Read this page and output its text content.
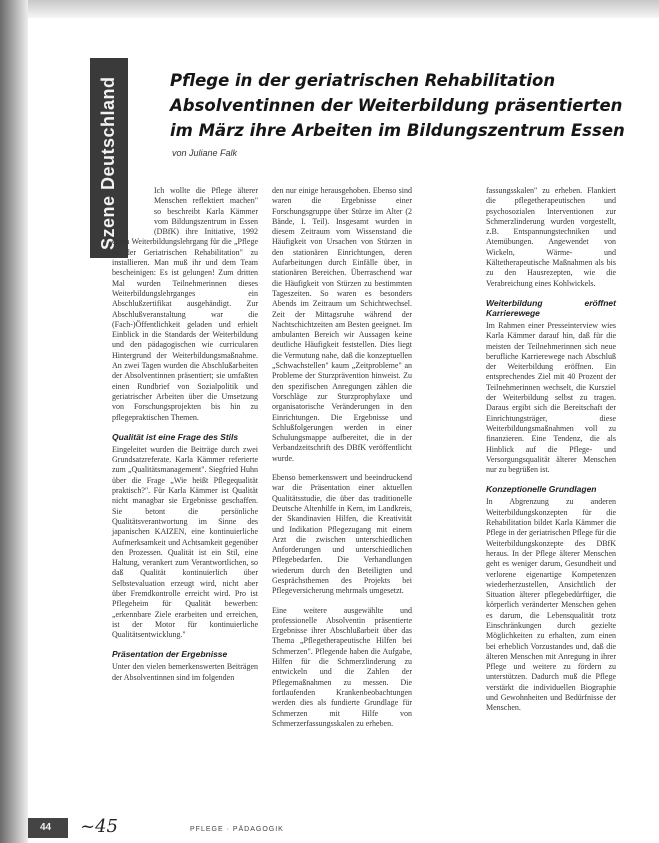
Szene Deutschland	Pflege in der geriatrischen Rehabilitation
Absolventinnen der Weiterbildung präsentierten
im März ihre Arbeiten im Bildungszentrum Essen
von Juliane Falk

Ich wollte die Pflege älterer Menschen reflektiert machen" so beschreibt Karla Kämmer vom Bildungszentrum in Essen (DBfK) ihre Initiative, 1992 einen Weiterbildungslehrgang für die „Pflege in der Geriatrischen Rehabilitation" zu installieren. Man muß ihr und dem Team bescheinigen: Es ist gelungen! Zum dritten Mal wurden Teilnehmerinnen dieses Weiterbildungslehrganges ein Abschlußzertifikat ausgehändigt. Zur Abschlußveranstaltung war die (Fach-)Öffentlichkeit geladen und erhielt Einblick in die Standards der Weiterbildung und den pädagogischen wie curricularen Hintergrund der Weiterbildungsmaßnahme. An zwei Tagen wurden die Abschlußarbeiten der Absolventinnen präsentiert; sie umfaßten einen Rundbrief von Sozialpolitik und geriatrischer Arbeiten über die Umsetzung von Forschungsprojekten bis hin zu pflegepraktischen Themen.

Qualität ist eine Frage des Stils

Eingeleitet wurden die Beiträge durch zwei Grundsatzreferate. Karla Kämmer referierte zum „Qualitätsmanagement". Siegfried Huhn über die Frage „Wie heißt Pflegequalität praktisch?". Für Karla Kämmer ist Qualität nicht managbar sie Ergebnisse geschaffen. Sie betont die persönliche Qualitätsverantwortung im Sinne des japanischen KAIZEN, eine kontinuierliche Aufmerksamkeit und Achtsamkeit gegenüber den Prozessen. Qualität ist ein Stil, eine Haltung, verankert zum Verantwortlichen, so daß Qualität kontinuierlich über Selbstevaluation erzeugt wird, nicht aber über Fremdkontrolle erreicht wird. Pro ist Pflegeheim für Qualität bewerben: „erkennbare Ziele erarbeiten und erreichen, ist der Motor für kontinuierliche Qualitätsentwicklung."

Präsentation der Ergebnisse

Unter den vielen bemerkenswerten Beiträgen der Absolventinnen sind im folgenden

den nur einige herausgehoben. Ebenso sind waren die Ergebnisse einer Forschungsgruppe über Stürze im Alter (2 Bände, I. Teil). Insgesamt wurden in diesem Zeitraum vom Wissenstand die Häufigkeit von Ursachen von Stürzen in den stationären Einrichtungen, deren Aufarbeitungen durch Einfälle über, in stationären Bereichen. Überraschend war die Häufigkeit von Stürzen zu bestimmten Tageszeiten. So waren es besonders Abends im Zeitraum um Schichtwechsel. Zeit der Mittagsruhe während der Nachtschichtzeiten am Besten geeignet. Im ambulanten Bereich wir Aussagen keine deutliche Häufigkeit feststellen. Dies liegt die Vermutung nahe, daß die konzeptuellen „Schwachstellen" kaum „Zeitprobleme" an Probleme der Sturzprävention hinweist. Zu den spezifischen Anregungen zählen die Vorschläge zur Sturzprophylaxe und organisatorische Veränderungen in den Einrichtungen. Die Ergebnisse und Schlußfolgerungen werden in einer Schulungsmappe aufbereitet, die in der Verbandzeitschrift des DBfK veröffentlicht wurde.

Ebenso bemerkenswert und beeindruckend war die Präsentation einer aktuellen Qualitätsstudie, die über das traditionelle Deutsche Altenhilfe in Kern, im Landkreis, der Skandinavien Hilfen, die Kreativität und Indikation Pflegezugang mit einem Arzt die zwischen unterschiedlichen Anforderungen und unterschiedlichen Pflegebedarfen. Die Verhandlungen wiederum durch den Beteiligten und Gesprächsthemen des Projekts bei Pflegeversicherung mehrmals umgesetzt.

Eine weitere ausgewählte und professionelle Absolventin präsentierte Ergebnisse ihrer Abschlußarbeit über das Thema „Pflegetherapeutische Hilfen bei Schmerzen". Pflegende haben die Aufgabe, Hilfen für die Schmerzlinderung zu entwickeln und die Zahlen der Pflegemaßnahmen zu messen. Die fortlaufenden Krankenbeobachtungen werden dies als fundierte Grundlage für Schmerzen mit Hilfe von Schmerzerfassungsskalen zu erheben.

fassungsskalen" zu erheben. Flankiert die pflegetherapeutischen und psychosozialen Interventionen zur Schmerzlinderung wurden vorgestellt, z.B. Entspannungstechniken und Atemübungen. Angewendet von Wickeln, Wärme- und Kältetherapeutische Maßnahmen als bis zu den Hausrezepten, wie die Verabreichung eines Kohlwickels.

Weiterbildung eröffnet Karrierewege

Im Rahmen einer Presseinterview wies Karla Kämmer darauf hin, daß für die meisten der Teilnehmerinnen sich neue berufliche Karrierewege nach Abschluß der Weiterbildung eröffnen. Ein entsprechendes Ziel mit 40 Prozent der Teilnehmerinnen wechselt, die Kursziel der Weiterbildung selbst zu tragen. Daraus ergibt sich die Bereitschaft der Einrichtungsträger, diese Weiterbildungsmaßnahmen voll zu finanzieren. Eine Tendenz, die als Hinblick auf die Pflege- und Versorgungsqualität älterer Menschen nur zu begrüßen ist.

Konzeptionelle Grundlagen

In Abgrenzung zu anderen Weiterbildungskonzepten für die Rehabilitation bildet Karla Kämmer die Pflege in der geriatrischen Pflege für die Weiterbildungskonzepte des DBfK heraus. In der Pflege älterer Menschen geht es weniger darum, Gesundheit und verlorene eigenartige Kompetenzen wiederherzustellen, Ansichtlich der Situation älterer pflegebedürftiger, die körperlich veränderter Menschen gehen es darum, die Lebensqualität trotz Einschränkungen durch gezielte Möglichkeiten zu erhalten, zum einen bei erheblich Vorzustandes und, daß die älteren Menschen mit Anregung in ihrer Pflege und weitere zu fördern zu unterstützen. Dadurch muß die Pflege verstärkt die individuellen Biographie und Gewohnheiten und Bedürfnisse der Menschen.

44 ~45	PFLEGE · PÄDAGOGIK
